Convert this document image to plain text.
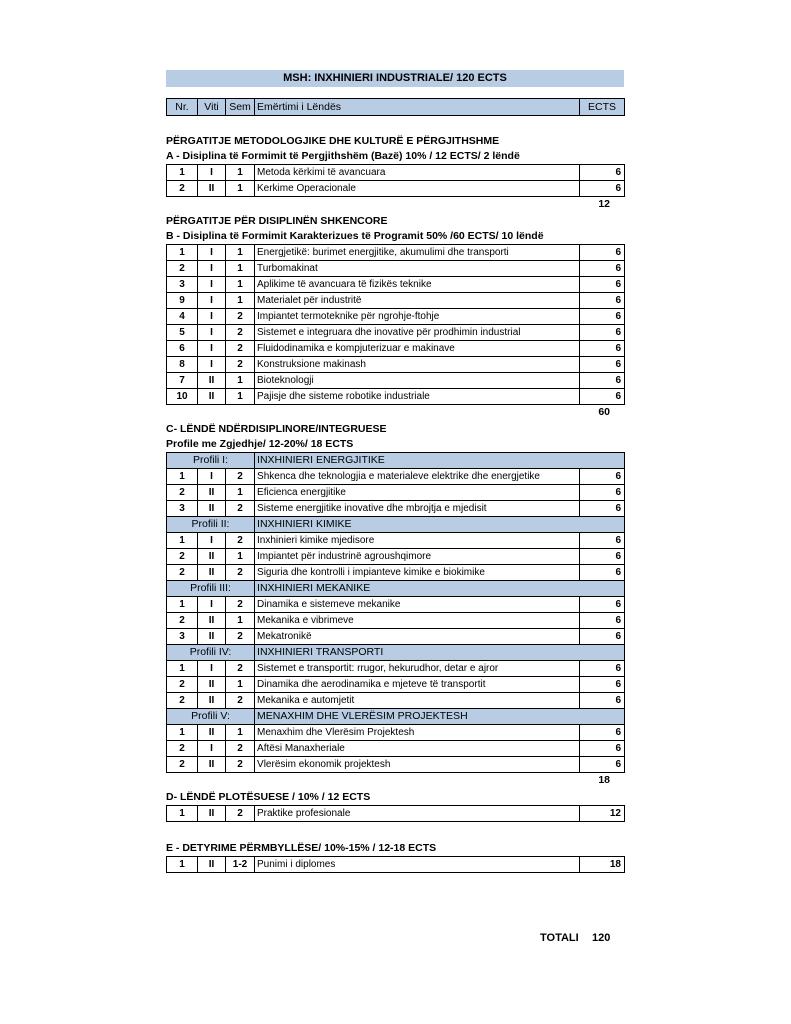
MSH: INXHINIERI INDUSTRIALE/ 120 ECTS
Nr.	Viti	Sem	Emërtimi i Lëndës	ECTS
PËRGATITJE METODOLOGJIKE DHE KULTURË E PËRGJITHSHME
A - Disiplina të Formimit të Pergjithshëm (Bazë) 10% / 12 ECTS/ 2 lëndë
1	I	1	Metoda kërkimi të avancuara	6
2	II	1	Kerkime Operacionale	6
12
PËRGATITJE PËR DISIPLINËN SHKENCORE
B - Disiplina të Formimit Karakterizues të Programit 50% /60 ECTS/ 10 lëndë
1	I	1	Energjetikë: burimet energjitike, akumulimi dhe transporti	6
2	I	1	Turbomakinat	6
3	I	1	Aplikime të avancuara të fizikës teknike	6
9	I	1	Materialet për industritë	6
4	I	2	Impiantet termoteknike për ngrohje-ftohje	6
5	I	2	Sistemet e integruara dhe inovative për prodhimin industrial	6
6	I	2	Fluidodinamika e kompjuterizuar e makinave	6
8	I	2	Konstruksione makinash	6
7	II	1	Bioteknologji	6
10	II	1	Pajisje dhe sisteme robotike industriale	6
60
C- LËNDË NDËRDISIPLINORE/INTEGRUESE
Profile me Zgjedhje/ 12-20%/ 18 ECTS
Profili I:			INXHINIERI ENERGJITIKE	
1	I	2	Shkenca dhe teknologjia e materialeve elektrike dhe energjetike	6
2	II	1	Eficienca energjitike	6
3	II	2	Sisteme energjitike inovative dhe mbrojtja e mjedisit	6
Profili II:			INXHINIERI KIMIKE	
1	I	2	Inxhinieri kimike mjedisore	6
2	II	1	Impiantet për industrinë agroushqimore	6
2	II	2	Siguria dhe kontrolli i impianteve kimike e biokimike	6
Profili III:			INXHINIERI MEKANIKE	
1	I	2	Dinamika e sistemeve mekanike	6
2	II	1	Mekanika e vibrimeve	6
3	II	2	Mekatronikë	6
Profili IV:			INXHINIERI TRANSPORTI	
1	I	2	Sistemet e transportit: rrugor, hekurudhor, detar e ajror	6
2	II	1	Dinamika dhe aerodinamika e mjeteve të transportit	6
2	II	2	Mekanika e automjetit	6
Profili V:			MENAXHIM DHE VLERËSIM PROJEKTESH	
1	II	1	Menaxhim dhe Vlerësim Projektesh	6
2	I	2	Aftësi Manaxheriale	6
2	II	2	Vlerësim ekonomik projektesh	6
18
D- LËNDË PLOTËSUESE / 10% / 12 ECTS
1	II	2	Praktike profesionale	12
E - DETYRIME PËRMBYLLËSE/ 10%-15% / 12-18 ECTS
1	II	1-2	Punimi i diplomes	18
TOTALI 120
